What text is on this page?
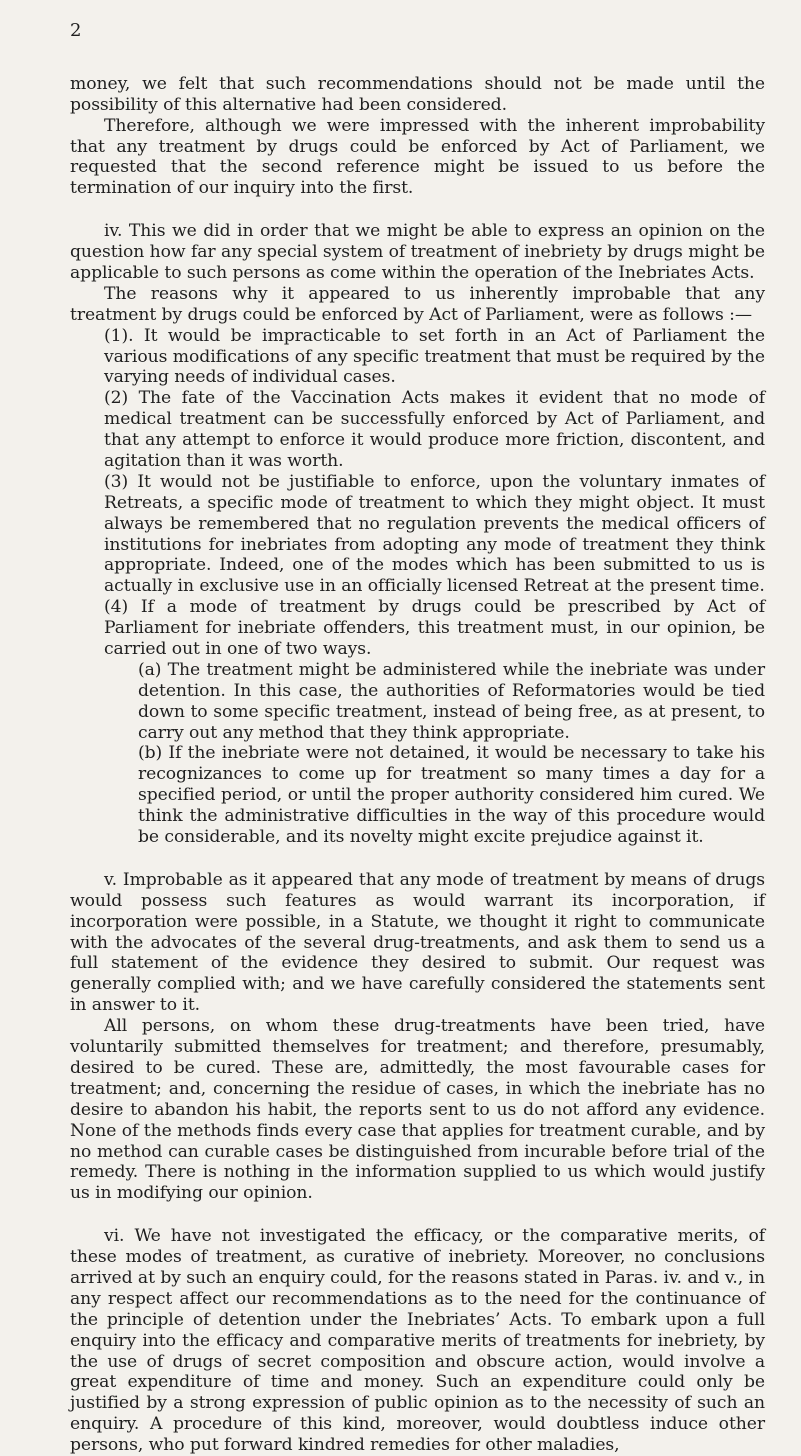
2

money, we felt that such recommendations should not be made until the possibility of this alternative had been considered.

Therefore, although we were impressed with the inherent improbability that any treatment by drugs could be enforced by Act of Parliament, we requested that the second reference might be issued to us before the termination of our inquiry into the first.

iv. This we did in order that we might be able to express an opinion on the question how far any special system of treatment of inebriety by drugs might be applicable to such persons as come within the operation of the Inebriates Acts.

The reasons why it appeared to us inherently improbable that any treatment by drugs could be enforced by Act of Parliament, were as follows :—

(1). It would be impracticable to set forth in an Act of Parliament the various modifications of any specific treatment that must be required by the varying needs of individual cases.

(2) The fate of the Vaccination Acts makes it evident that no mode of medical treatment can be successfully enforced by Act of Parliament, and that any attempt to enforce it would produce more friction, discontent, and agitation than it was worth.

(3) It would not be justifiable to enforce, upon the voluntary inmates of Retreats, a specific mode of treatment to which they might object. It must always be remembered that no regulation prevents the medical officers of institutions for inebriates from adopting any mode of treatment they think appropriate. Indeed, one of the modes which has been submitted to us is actually in exclusive use in an officially licensed Retreat at the present time.

(4) If a mode of treatment by drugs could be prescribed by Act of Parliament for inebriate offenders, this treatment must, in our opinion, be carried out in one of two ways.

(a) The treatment might be administered while the inebriate was under detention. In this case, the authorities of Reformatories would be tied down to some specific treatment, instead of being free, as at present, to carry out any method that they think appropriate.

(b) If the inebriate were not detained, it would be necessary to take his recognizances to come up for treatment so many times a day for a specified period, or until the proper authority considered him cured. We think the administrative difficulties in the way of this procedure would be considerable, and its novelty might excite prejudice against it.

v. Improbable as it appeared that any mode of treatment by means of drugs would possess such features as would warrant its incorporation, if incorporation were possible, in a Statute, we thought it right to communicate with the advocates of the several drug-treatments, and ask them to send us a full statement of the evidence they desired to submit. Our request was generally complied with; and we have carefully considered the statements sent in answer to it.

All persons, on whom these drug-treatments have been tried, have voluntarily submitted themselves for treatment; and therefore, presumably, desired to be cured. These are, admittedly, the most favourable cases for treatment; and, concerning the residue of cases, in which the inebriate has no desire to abandon his habit, the reports sent to us do not afford any evidence. None of the methods finds every case that applies for treatment curable, and by no method can curable cases be distinguished from incurable before trial of the remedy. There is nothing in the information supplied to us which would justify us in modifying our opinion.

vi. We have not investigated the efficacy, or the comparative merits, of these modes of treatment, as curative of inebriety. Moreover, no conclusions arrived at by such an enquiry could, for the reasons stated in Paras. iv. and v., in any respect affect our recommendations as to the need for the continuance of the principle of detention under the Inebriates’ Acts. To embark upon a full enquiry into the efficacy and comparative merits of treatments for inebriety, by the use of drugs of secret composition and obscure action, would involve a great expenditure of time and money. Such an expenditure could only be justified by a strong expression of public opinion as to the necessity of such an enquiry. A procedure of this kind, moreover, would doubtless induce other persons, who put forward kindred remedies for other maladies,
